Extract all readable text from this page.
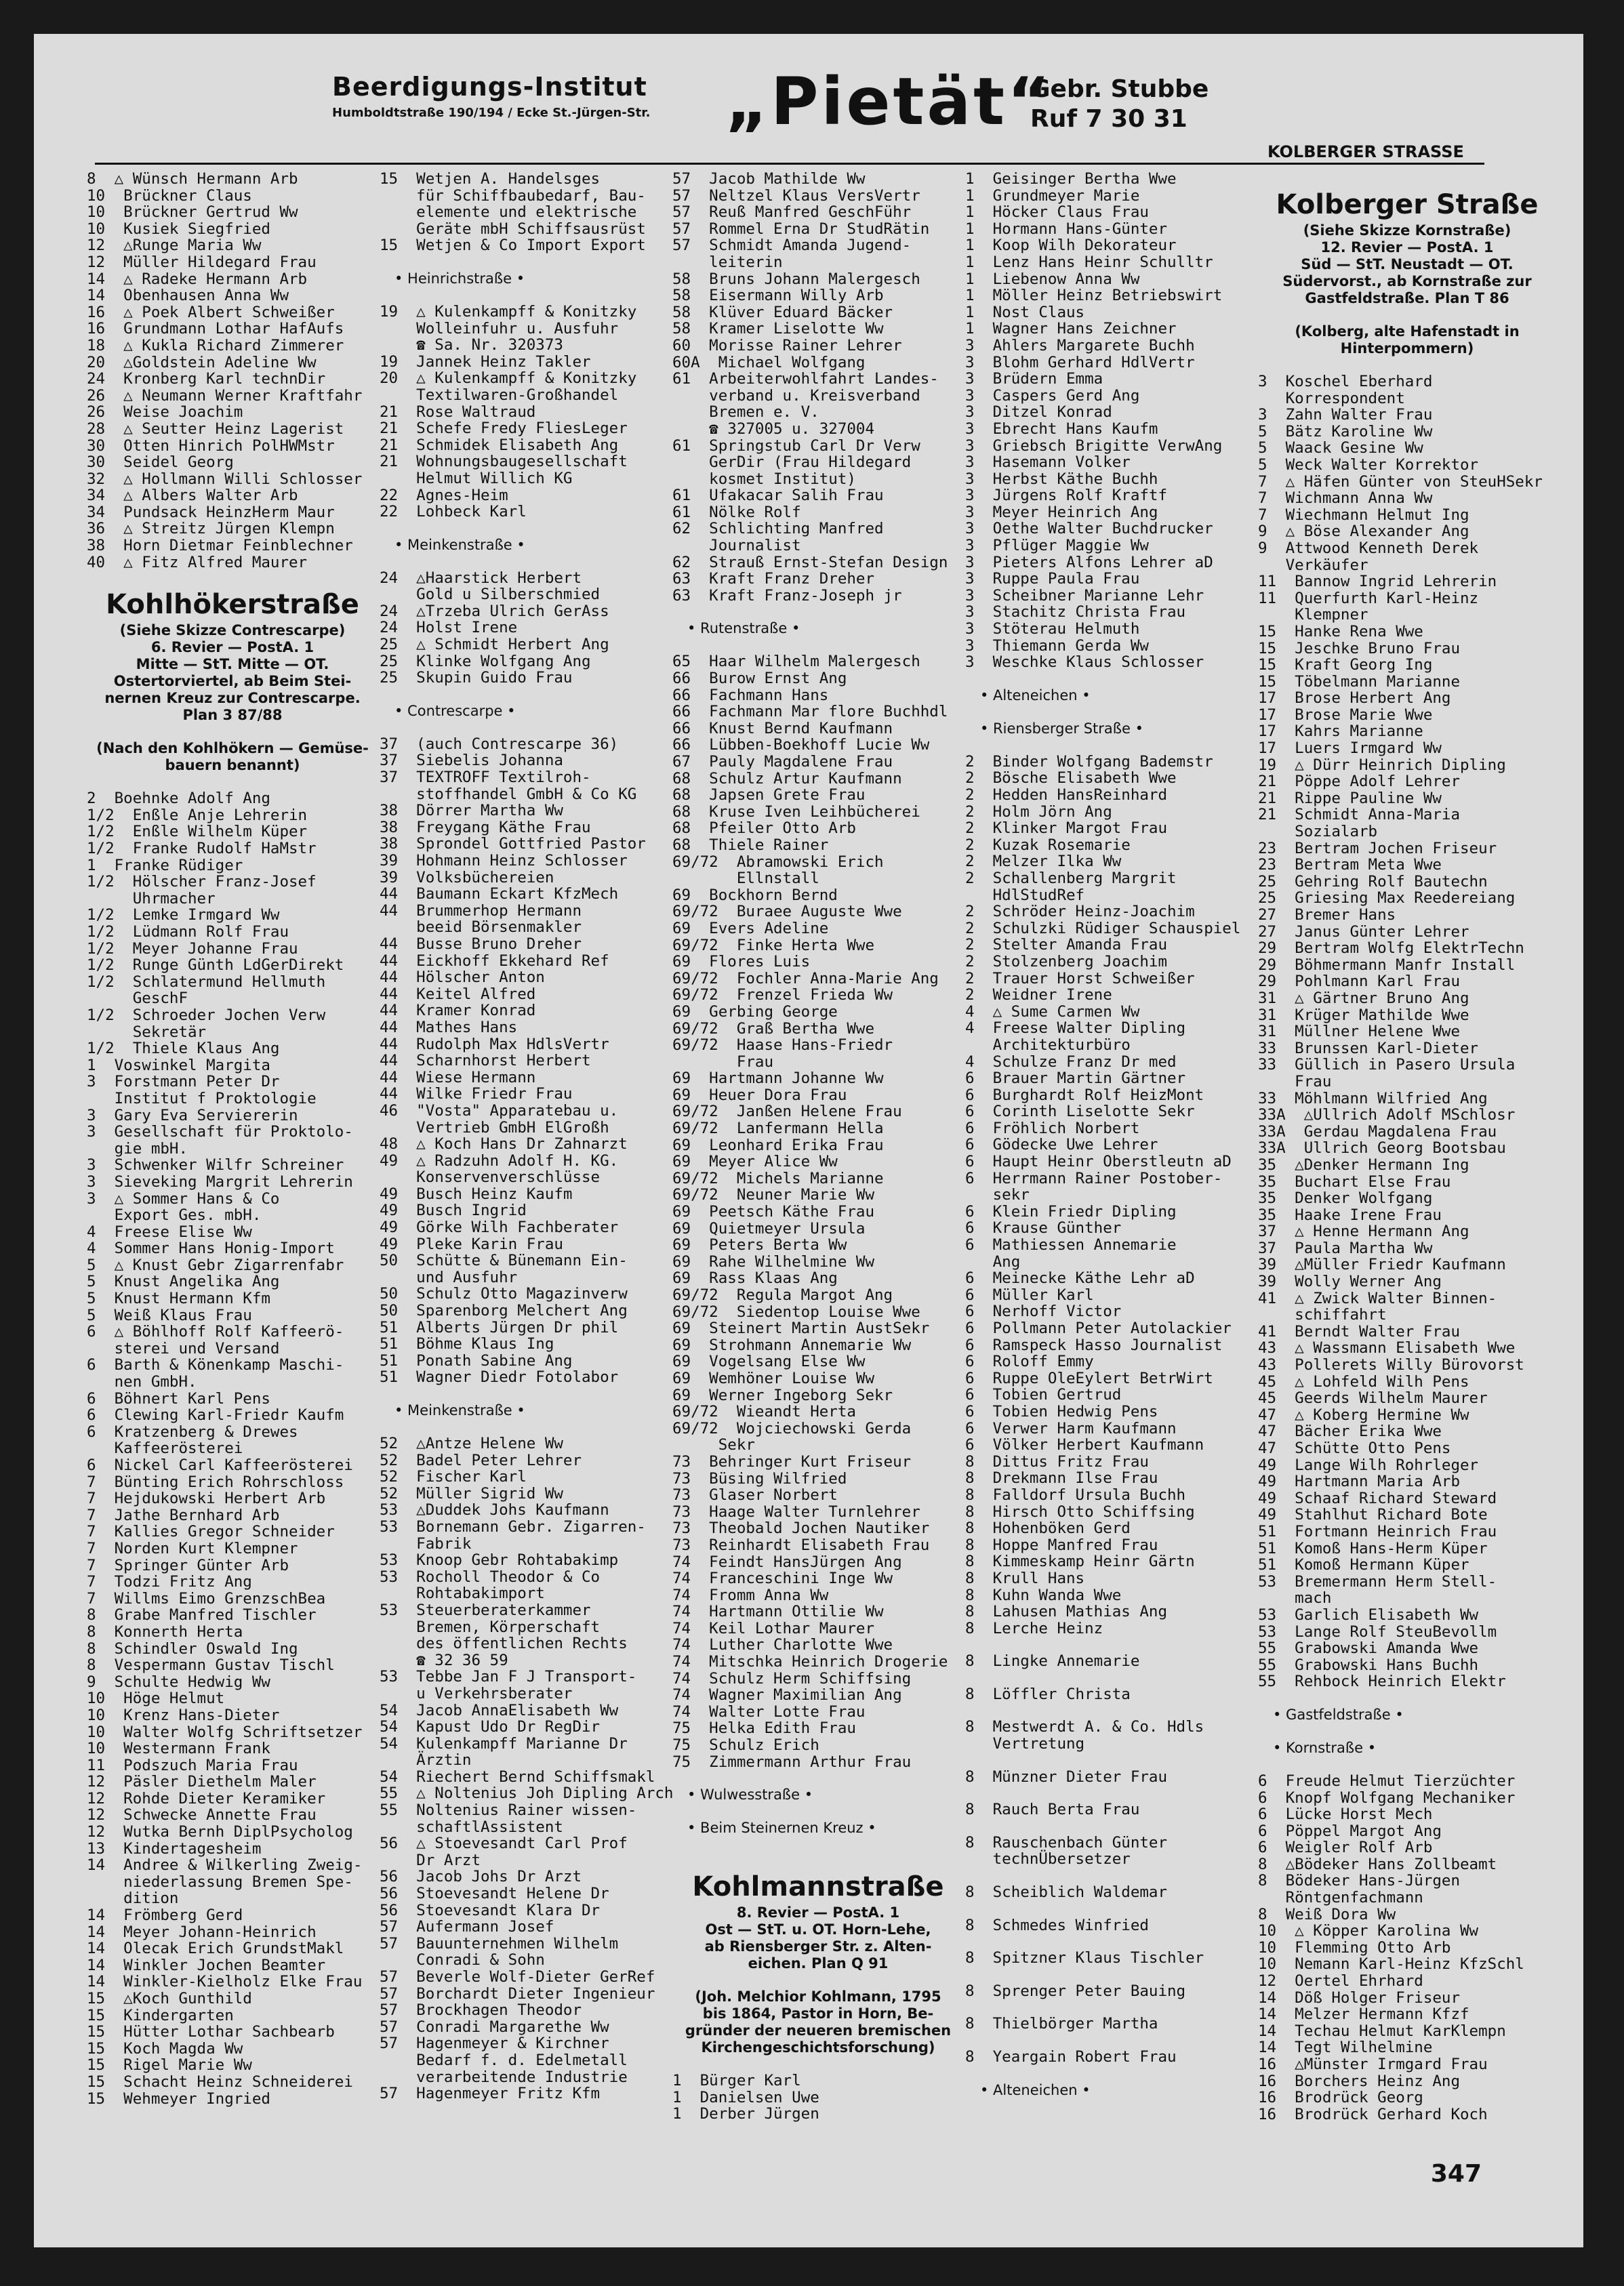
Beerdigungs-Institut
Humboldtstraße 190/194 / Ecke St.-Jürgen-Str. „Pietät“
Gebr. Stubbe
Ruf 7 30 31
KOLBERGER STRASSE
8  △ Wünsch Hermann Arb
10  Brückner Claus
10  Brückner Gertrud Ww
10  Kusiek Siegfried
12  △Runge Maria Ww
12  Müller Hildegard Frau
14  △ Radeke Hermann Arb
14  Obenhausen Anna Ww
16  △ Poek Albert Schweißer
16  Grundmann Lothar HafAufs
18  △ Kukla Richard Zimmerer
20  △Goldstein Adeline Ww
24  Kronberg Karl technDir
26  △ Neumann Werner Kraftfahr
26  Weise Joachim
28  △ Seutter Heinz Lagerist
30  Otten Hinrich PolHWMstr
30  Seidel Georg
32  △ Hollmann Willi Schlosser
34  △ Albers Walter Arb
34  Pundsack HeinzHerm Maur
36  △ Streitz Jürgen Klempn
38  Horn Dietmar Feinblechner
40  △ Fitz Alfred Maurer
Kohlhökerstraße
(Siehe Skizze Contrescarpe)
6. Revier — PostA. 1
Mitte — StT. Mitte — OT.
Ostertorviertel, ab Beim Stei-
nernen Kreuz zur Contrescarpe.
Plan 3 87/88
(Nach den Kohlhökern — Gemüse-
bauern benannt)
2  Boehnke Adolf Ang
1/2  Enßle Anje Lehrerin
1/2  Enßle Wilhelm Küper
1/2  Franke Rudolf HaMstr
1  Franke Rüdiger
1/2  Hölscher Franz-Josef
Uhrmacher
1/2  Lemke Irmgard Ww
1/2  Lüdmann Rolf Frau
1/2  Meyer Johanne Frau
1/2  Runge Günth LdGerDirekt
1/2  Schlatermund Hellmuth
GeschF
1/2  Schroeder Jochen Verw
Sekretär
1/2  Thiele Klaus Ang
1  Voswinkel Margita
3  Forstmann Peter Dr
Institut f Proktologie
3  Gary Eva Serviererin
3  Gesellschaft für Proktolo-
gie mbH.
3  Schwenker Wilfr Schreiner
3  Sieveking Margrit Lehrerin
3  △ Sommer Hans & Co
Export Ges. mbH.
4  Freese Elise Ww
4  Sommer Hans Honig-Import
5  △ Knust Gebr Zigarrenfabr
5  Knust Angelika Ang
5  Knust Hermann Kfm
5  Weiß Klaus Frau
6  △ Böhlhoff Rolf Kaffeerö-
sterei und Versand
6  Barth & Könenkamp Maschi-
nen GmbH.
6  Böhnert Karl Pens
6  Clewing Karl-Friedr Kaufm
6  Kratzenberg & Drewes
Kaffeerösterei
6  Nickel Carl Kaffeerösterei
7  Bünting Erich Rohrschloss
7  Hejdukowski Herbert Arb
7  Jathe Bernhard Arb
7  Kallies Gregor Schneider
7  Norden Kurt Klempner
7  Springer Günter Arb
7  Todzi Fritz Ang
7  Willms Eimo GrenzschBea
8  Grabe Manfred Tischler
8  Konnerth Herta
8  Schindler Oswald Ing
8  Vespermann Gustav Tischl
9  Schulte Hedwig Ww
10  Höge Helmut
10  Krenz Hans-Dieter
10  Walter Wolfg Schriftsetzer
10  Westermann Frank
11  Podszuch Maria Frau
12  Päsler Diethelm Maler
12  Rohde Dieter Keramiker
12  Schwecke Annette Frau
12  Wutka Bernh DiplPsycholog
13  Kindertagesheim
14  Andree & Wilkerling Zweig-
niederlassung Bremen Spe-
dition
14  Frömberg Gerd
14  Meyer Johann-Heinrich
14  Olecak Erich GrundstMakl
14  Winkler Jochen Beamter
14  Winkler-Kielholz Elke Frau
15  △Koch Gunthild
15  Kindergarten
15  Hütter Lothar Sachbearb
15  Koch Magda Ww
15  Rigel Marie Ww
15  Schacht Heinz Schneiderei
15  Wehmeyer Ingried
15  Wetjen A. Handelsges
für Schiffbaubedarf, Bau-
elemente und elektrische
Geräte mbH Schiffsausrüst
15  Wetjen & Co Import Export
• Heinrichstraße •
19  △ Kulenkampff & Konitzky
Wolleinfuhr u. Ausfuhr
☎ Sa. Nr. 320373
19  Jannek Heinz Takler
20  △ Kulenkampff & Konitzky
Textilwaren-Großhandel
21  Rose Waltraud
21  Schefe Fredy FliesLeger
21  Schmidek Elisabeth Ang
21  Wohnungsbaugesellschaft
Helmut Willich KG
22  Agnes-Heim
22  Lohbeck Karl
• Meinkenstraße •
24  △Haarstick Herbert
Gold u Silberschmied
24  △Trzeba Ulrich GerAss
24  Holst Irene
25  △ Schmidt Herbert Ang
25  Klinke Wolfgang Ang
25  Skupin Guido Frau
• Contrescarpe •
37  (auch Contrescarpe 36)
37  Siebelis Johanna
37  TEXTROFF Textilroh-
stoffhandel GmbH & Co KG
38  Dörrer Martha Ww
38  Freygang Käthe Frau
38  Sprondel Gottfried Pastor
39  Hohmann Heinz Schlosser
39  Volksbüchereien
44  Baumann Eckart KfzMech
44  Brummerhop Hermann
beeid Börsenmakler
44  Busse Bruno Dreher
44  Eickhoff Ekkehard Ref
44  Hölscher Anton
44  Keitel Alfred
44  Kramer Konrad
44  Mathes Hans
44  Rudolph Max HdlsVertr
44  Scharnhorst Herbert
44  Wiese Hermann
44  Wilke Friedr Frau
46  "Vosta" Apparatebau u.
Vertrieb GmbH ElGroßh
48  △ Koch Hans Dr Zahnarzt
49  △ Radzuhn Adolf H. KG.
Konservenverschlüsse
49  Busch Heinz Kaufm
49  Busch Ingrid
49  Görke Wilh Fachberater
49  Pleke Karin Frau
50  Schütte & Bünemann Ein-
und Ausfuhr
50  Schulz Otto Magazinverw
50  Sparenborg Melchert Ang
51  Alberts Jürgen Dr phil
51  Böhme Klaus Ing
51  Ponath Sabine Ang
51  Wagner Diedr Fotolabor
• Meinkenstraße •
52  △Antze Helene Ww
52  Badel Peter Lehrer
52  Fischer Karl
52  Müller Sigrid Ww
53  △Duddek Johs Kaufmann
53  Bornemann Gebr. Zigarren-
Fabrik
53  Knoop Gebr Rohtabakimp
53  Rocholl Theodor & Co
Rohtabakimport
53  Steuerberaterkammer
Bremen, Körperschaft
des öffentlichen Rechts
☎ 32 36 59
53  Tebbe Jan F J Transport-
u Verkehrsberater
54  Jacob AnnaElisabeth Ww
54  Kapust Udo Dr RegDir
54  Kulenkampff Marianne Dr
Ärztin
54  Riechert Bernd Schiffsmakl
55  △ Noltenius Joh Dipling Arch
55  Noltenius Rainer wissen-
schaftlAssistent
56  △ Stoevesandt Carl Prof
Dr Arzt
56  Jacob Johs Dr Arzt
56  Stoevesandt Helene Dr
56  Stoevesandt Klara Dr
57  Aufermann Josef
57  Bauunternehmen Wilhelm
Conradi & Sohn
57  Beverle Wolf-Dieter GerRef
57  Borchardt Dieter Ingenieur
57  Brockhagen Theodor
57  Conradi Margarethe Ww
57  Hagenmeyer & Kirchner
Bedarf f. d. Edelmetall
verarbeitende Industrie
57  Hagenmeyer Fritz Kfm
57  Jacob Mathilde Ww
57  Neltzel Klaus VersVertr
57  Reuß Manfred GeschFühr
57  Rommel Erna Dr StudRätin
57  Schmidt Amanda Jugend-
leiterin
58  Bruns Johann Malergesch
58  Eisermann Willy Arb
58  Klüver Eduard Bäcker
58  Kramer Liselotte Ww
60  Morisse Rainer Lehrer
60A  Michael Wolfgang
61  Arbeiterwohlfahrt Landes-
verband u. Kreisverband
Bremen e. V.
☎ 327005 u. 327004
61  Springstub Carl Dr Verw
GerDir (Frau Hildegard
kosmet Institut)
61  Ufakacar Salih Frau
61  Nölke Rolf
62  Schlichting Manfred
Journalist
62  Strauß Ernst-Stefan Design
63  Kraft Franz Dreher
63  Kraft Franz-Joseph jr
• Rutenstraße •
65  Haar Wilhelm Malergesch
66  Burow Ernst Ang
66  Fachmann Hans
66  Fachmann Mar flore Buchhdl
66  Knust Bernd Kaufmann
66  Lübben-Boekhoff Lucie Ww
67  Pauly Magdalene Frau
68  Schulz Artur Kaufmann
68  Japsen Grete Frau
68  Kruse Iven Leihbücherei
68  Pfeiler Otto Arb
68  Thiele Rainer
69/72  Abramowski Erich
Ellnstall
69  Bockhorn Bernd
69/72  Buraee Auguste Wwe
69  Evers Adeline
69/72  Finke Herta Wwe
69  Flores Luis
69/72  Fochler Anna-Marie Ang
69/72  Frenzel Frieda Ww
69  Gerbing George
69/72  Graß Bertha Wwe
69/72  Haase Hans-Friedr
Frau
69  Hartmann Johanne Ww
69  Heuer Dora Frau
69/72  Janßen Helene Frau
69/72  Lanfermann Hella
69  Leonhard Erika Frau
69  Meyer Alice Ww
69/72  Michels Marianne
69/72  Neuner Marie Ww
69  Peetsch Käthe Frau
69  Quietmeyer Ursula
69  Peters Berta Ww
69  Rahe Wilhelmine Ww
69  Rass Klaas Ang
69/72  Regula Margot Ang
69/72  Siedentop Louise Wwe
69  Steinert Martin AustSekr
69  Strohmann Annemarie Ww
69  Vogelsang Else Ww
69  Wemhöner Louise Ww
69  Werner Ingeborg Sekr
69/72  Wieandt Herta
69/72  Wojciechowski Gerda
Sekr
73  Behringer Kurt Friseur
73  Büsing Wilfried
73  Glaser Norbert
73  Haage Walter Turnlehrer
73  Theobald Jochen Nautiker
73  Reinhardt Elisabeth Frau
74  Feindt HansJürgen Ang
74  Franceschini Inge Ww
74  Fromm Anna Ww
74  Hartmann Ottilie Ww
74  Keil Lothar Maurer
74  Luther Charlotte Wwe
74  Mitschka Heinrich Drogerie
74  Schulz Herm Schiffsing
74  Wagner Maximilian Ang
74  Walter Lotte Frau
75  Helka Edith Frau
75  Schulz Erich
75  Zimmermann Arthur Frau
• Wulwesstraße •
• Beim Steinernen Kreuz •
Kohlmannstraße
8. Revier — PostA. 1
Ost — StT. u. OT. Horn-Lehe,
ab Riensberger Str. z. Alten-
eichen. Plan Q 91
(Joh. Melchior Kohlmann, 1795
bis 1864, Pastor in Horn, Be-
gründer der neueren bremischen
Kirchengeschichtsforschung)
1  Bürger Karl
1  Danielsen Uwe
1  Derber Jürgen
1  Geisinger Bertha Wwe
1  Grundmeyer Marie
1  Höcker Claus Frau
1  Hormann Hans-Günter
1  Koop Wilh Dekorateur
1  Lenz Hans Heinr Schulltr
1  Liebenow Anna Ww
1  Möller Heinz Betriebswirt
1  Nost Claus
1  Wagner Hans Zeichner
3  Ahlers Margarete Buchh
3  Blohm Gerhard HdlVertr
3  Brüdern Emma
3  Caspers Gerd Ang
3  Ditzel Konrad
3  Ebrecht Hans Kaufm
3  Griebsch Brigitte VerwAng
3  Hasemann Volker
3  Herbst Käthe Buchh
3  Jürgens Rolf Kraftf
3  Meyer Heinrich Ang
3  Oethe Walter Buchdrucker
3  Pflüger Maggie Ww
3  Pieters Alfons Lehrer aD
3  Ruppe Paula Frau
3  Scheibner Marianne Lehr
3  Stachitz Christa Frau
3  Stöterau Helmuth
3  Thiemann Gerda Ww
3  Weschke Klaus Schlosser
• Alteneichen •
• Riensberger Straße •
2  Binder Wolfgang Bademstr
2  Bösche Elisabeth Wwe
2  Hedden HansReinhard
2  Holm Jörn Ang
2  Klinker Margot Frau
2  Kuzak Rosemarie
2  Melzer Ilka Ww
2  Schallenberg Margrit
HdlStudRef
2  Schröder Heinz-Joachim
2  Schulzki Rüdiger Schauspiel
2  Stelter Amanda Frau
2  Stolzenberg Joachim
2  Trauer Horst Schweißer
2  Weidner Irene
4  △ Sume Carmen Ww
4  Freese Walter Dipling
Architekturbüro
4  Schulze Franz Dr med
6  Brauer Martin Gärtner
6  Burghardt Rolf HeizMont
6  Corinth Liselotte Sekr
6  Fröhlich Norbert
6  Gödecke Uwe Lehrer
6  Haupt Heinr Oberstleutn aD
6  Herrmann Rainer Postober-
sekr
6  Klein Friedr Dipling
6  Krause Günther
6  Mathiessen Annemarie
Ang
6  Meinecke Käthe Lehr aD
6  Müller Karl
6  Nerhoff Victor
6  Pollmann Peter Autolackier
6  Ramspeck Hasso Journalist
6  Roloff Emmy
6  Ruppe OleEylert BetrWirt
6  Tobien Gertrud
6  Tobien Hedwig Pens
6  Verwer Harm Kaufmann
6  Völker Herbert Kaufmann
8  Dittus Fritz Frau
8  Drekmann Ilse Frau
8  Falldorf Ursula Buchh
8  Hirsch Otto Schiffsing
8  Hohenböken Gerd
8  Hoppe Manfred Frau
8  Kimmeskamp Heinr Gärtn
8  Krull Hans
8  Kuhn Wanda Wwe
8  Lahusen Mathias Ang
8  Lerche Heinz
8  Lingke Annemarie
8  Löffler Christa
8  Mestwerdt A. & Co. Hdls
Vertretung
8  Münzner Dieter Frau
8  Rauch Berta Frau
8  Rauschenbach Günter
technÜbersetzer
8  Scheiblich Waldemar
8  Schmedes Winfried
8  Spitzner Klaus Tischler
8  Sprenger Peter Bauing
8  Thielbörger Martha
8  Yeargain Robert Frau
• Alteneichen •
Kolberger Straße
(Siehe Skizze Kornstraße)
12. Revier — PostA. 1
Süd — StT. Neustadt — OT.
Südervorst., ab Kornstraße zur
Gastfeldstraße. Plan T 86
(Kolberg, alte Hafenstadt in
Hinterpommern)
3  Koschel Eberhard
Korrespondent
3  Zahn Walter Frau
5  Bätz Karoline Ww
5  Waack Gesine Ww
5  Weck Walter Korrektor
7  △ Häfen Günter von SteuHSekr
7  Wichmann Anna Ww
7  Wiechmann Helmut Ing
9  △ Böse Alexander Ang
9  Attwood Kenneth Derek
Verkäufer
11  Bannow Ingrid Lehrerin
11  Querfurth Karl-Heinz
Klempner
15  Hanke Rena Wwe
15  Jeschke Bruno Frau
15  Kraft Georg Ing
15  Töbelmann Marianne
17  Brose Herbert Ang
17  Brose Marie Wwe
17  Kahrs Marianne
17  Luers Irmgard Ww
19  △ Dürr Heinrich Dipling
21  Pöppe Adolf Lehrer
21  Rippe Pauline Ww
21  Schmidt Anna-Maria
Sozialarb
23  Bertram Jochen Friseur
23  Bertram Meta Wwe
25  Gehring Rolf Bautechn
25  Griesing Max Reedereiang
27  Bremer Hans
27  Janus Günter Lehrer
29  Bertram Wolfg ElektrTechn
29  Böhmermann Manfr Install
29  Pohlmann Karl Frau
31  △ Gärtner Bruno Ang
31  Krüger Mathilde Wwe
31  Müllner Helene Wwe
33  Brunssen Karl-Dieter
33  Güllich in Pasero Ursula
Frau
33  Möhlmann Wilfried Ang
33A  △Ullrich Adolf MSchlosr
33A  Gerdau Magdalena Frau
33A  Ullrich Georg Bootsbau
35  △Denker Hermann Ing
35  Buchart Else Frau
35  Denker Wolfgang
35  Haake Irene Frau
37  △ Henne Hermann Ang
37  Paula Martha Ww
39  △Müller Friedr Kaufmann
39  Wolly Werner Ang
41  △ Zwick Walter Binnen-
schiffahrt
41  Berndt Walter Frau
43  △ Wassmann Elisabeth Wwe
43  Pollerets Willy Bürovorst
45  △ Lohfeld Wilh Pens
45  Geerds Wilhelm Maurer
47  △ Koberg Hermine Ww
47  Bächer Erika Wwe
47  Schütte Otto Pens
49  Lange Wilh Rohrleger
49  Hartmann Maria Arb
49  Schaaf Richard Steward
49  Stahlhut Richard Bote
51  Fortmann Heinrich Frau
51  Komoß Hans-Herm Küper
51  Komoß Hermann Küper
53  Bremermann Herm Stell-
mach
53  Garlich Elisabeth Ww
53  Lange Rolf SteuBevollm
55  Grabowski Amanda Wwe
55  Grabowski Hans Buchh
55  Rehbock Heinrich Elektr
• Gastfeldstraße •
• Kornstraße •
6  Freude Helmut Tierzüchter
6  Knopf Wolfgang Mechaniker
6  Lücke Horst Mech
6  Pöppel Margot Ang
6  Weigler Rolf Arb
8  △Bödeker Hans Zollbeamt
8  Bödeker Hans-Jürgen
Röntgenfachmann
8  Weiß Dora Ww
10  △ Köpper Karolina Ww
10  Flemming Otto Arb
10  Nemann Karl-Heinz KfzSchl
12  Oertel Ehrhard
14  Döß Holger Friseur
14  Melzer Hermann Kfzf
14  Techau Helmut KarKlempn
14  Tegt Wilhelmine
16  △Münster Irmgard Frau
16  Borchers Heinz Ang
16  Brodrück Georg
16  Brodrück Gerhard Koch
347
